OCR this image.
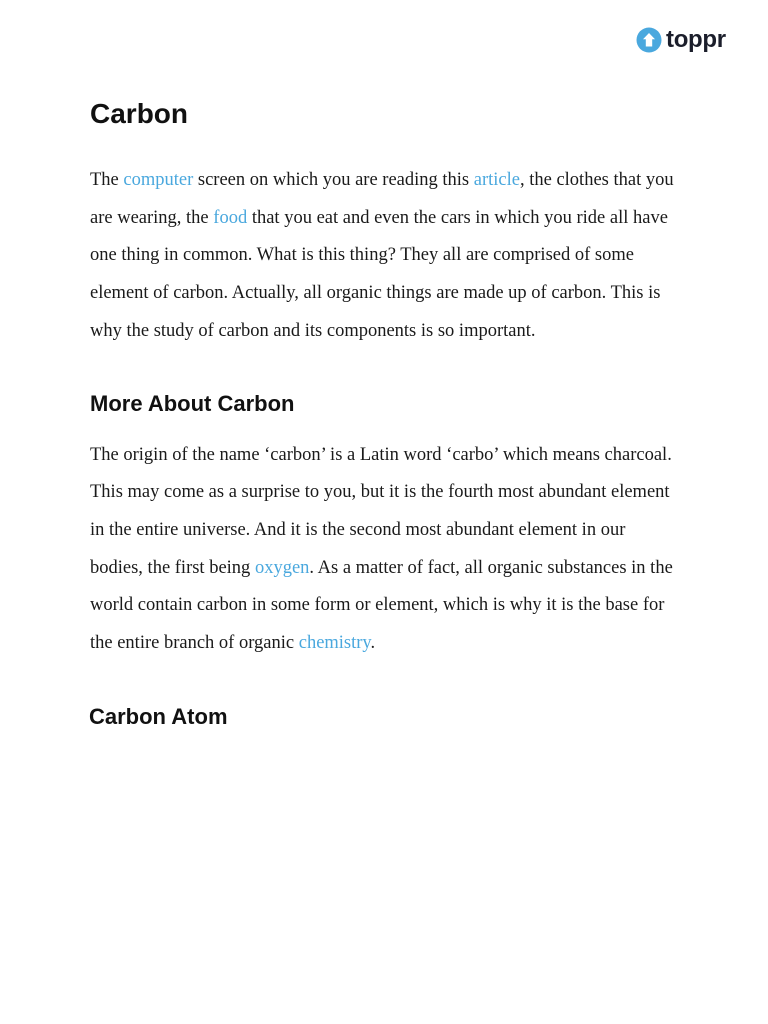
toppr
Carbon

The computer screen on which you are reading this article, the clothes that you are wearing, the food that you eat and even the cars in which you ride all have one thing in common. What is this thing? They all are comprised of some element of carbon. Actually, all organic things are made up of carbon. This is why the study of carbon and its components is so important.

More About Carbon

The origin of the name ‘carbon’ is a Latin word ‘carbo’ which means charcoal. This may come as a surprise to you, but it is the fourth most abundant element in the entire universe. And it is the second most abundant element in our bodies, the first being oxygen. As a matter of fact, all organic substances in the world contain carbon in some form or element, which is why it is the base for the entire branch of organic chemistry.

Carbon Atom
